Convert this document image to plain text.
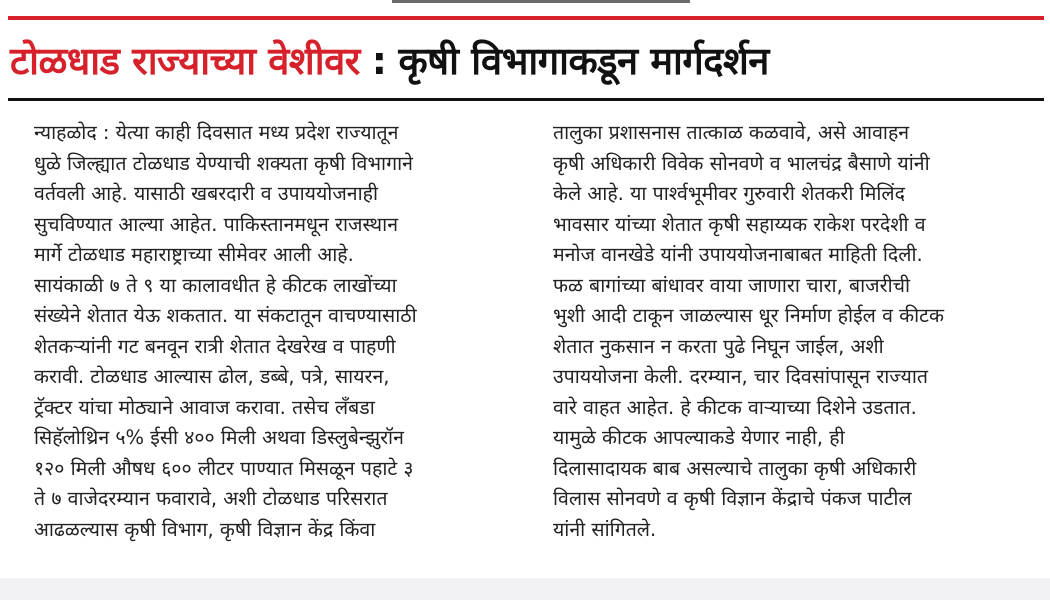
टोळधाड राज्याच्या वेशीवर : कृषी विभागाकडून मार्गदर्शन
न्याहळोद : येत्या काही दिवसात मध्य प्रदेश राज्यातून
धुळे जिल्ह्यात टोळधाड येण्याची शक्यता कृषी विभागाने
वर्तवली आहे. यासाठी खबरदारी व उपाययोजनाही
सुचविण्यात आल्या आहेत. पाकिस्तानमधून राजस्थान
मार्गे टोळधाड महाराष्ट्राच्या सीमेवर आली आहे.
सायंकाळी ७ ते ९ या कालावधीत हे कीटक लाखोंच्या
संख्येने शेतात येऊ शकतात. या संकटातून वाचण्यासाठी
शेतकऱ्यांनी गट बनवून रात्री शेतात देखरेख व पाहणी
करावी. टोळधाड आल्यास ढोल, डब्बे, पत्रे, सायरन,
ट्रॅक्टर यांचा मोठ्याने आवाज करावा. तसेच लॅंबडा
सिहॅलोथ्रिन ५% ईसी ४०० मिली अथवा डिस्लुबेन्झुरॉन
१२० मिली औषध ६०० लीटर पाण्यात मिसळून पहाटे ३
ते ७ वाजेदरम्यान फवारावे, अशी टोळधाड परिसरात
आढळल्यास कृषी विभाग, कृषी विज्ञान केंद्र किंवा
तालुका प्रशासनास तात्काळ कळवावे, असे आवाहन
कृषी अधिकारी विवेक सोनवणे व भालचंद्र बैसाणे यांनी
केले आहे. या पार्श्वभूमीवर गुरुवारी शेतकरी मिलिंद
भावसार यांच्या शेतात कृषी सहाय्यक राकेश परदेशी व
मनोज वानखेडे यांनी उपाययोजनाबाबत माहिती दिली.
फळ बागांच्या बांधावर वाया जाणारा चारा, बाजरीची
भुशी आदी टाकून जाळल्यास धूर निर्माण होईल व कीटक
शेतात नुकसान न करता पुढे निघून जाईल, अशी
उपाययोजना केली. दरम्यान, चार दिवसांपासून राज्यात
वारे वाहत आहेत. हे कीटक वाऱ्याच्या दिशेने उडतात.
यामुळे कीटक आपल्याकडे येणार नाही, ही
दिलासादायक बाब असल्याचे तालुका कृषी अधिकारी
विलास सोनवणे व कृषी विज्ञान केंद्राचे पंकज पाटील
यांनी सांगितले.
